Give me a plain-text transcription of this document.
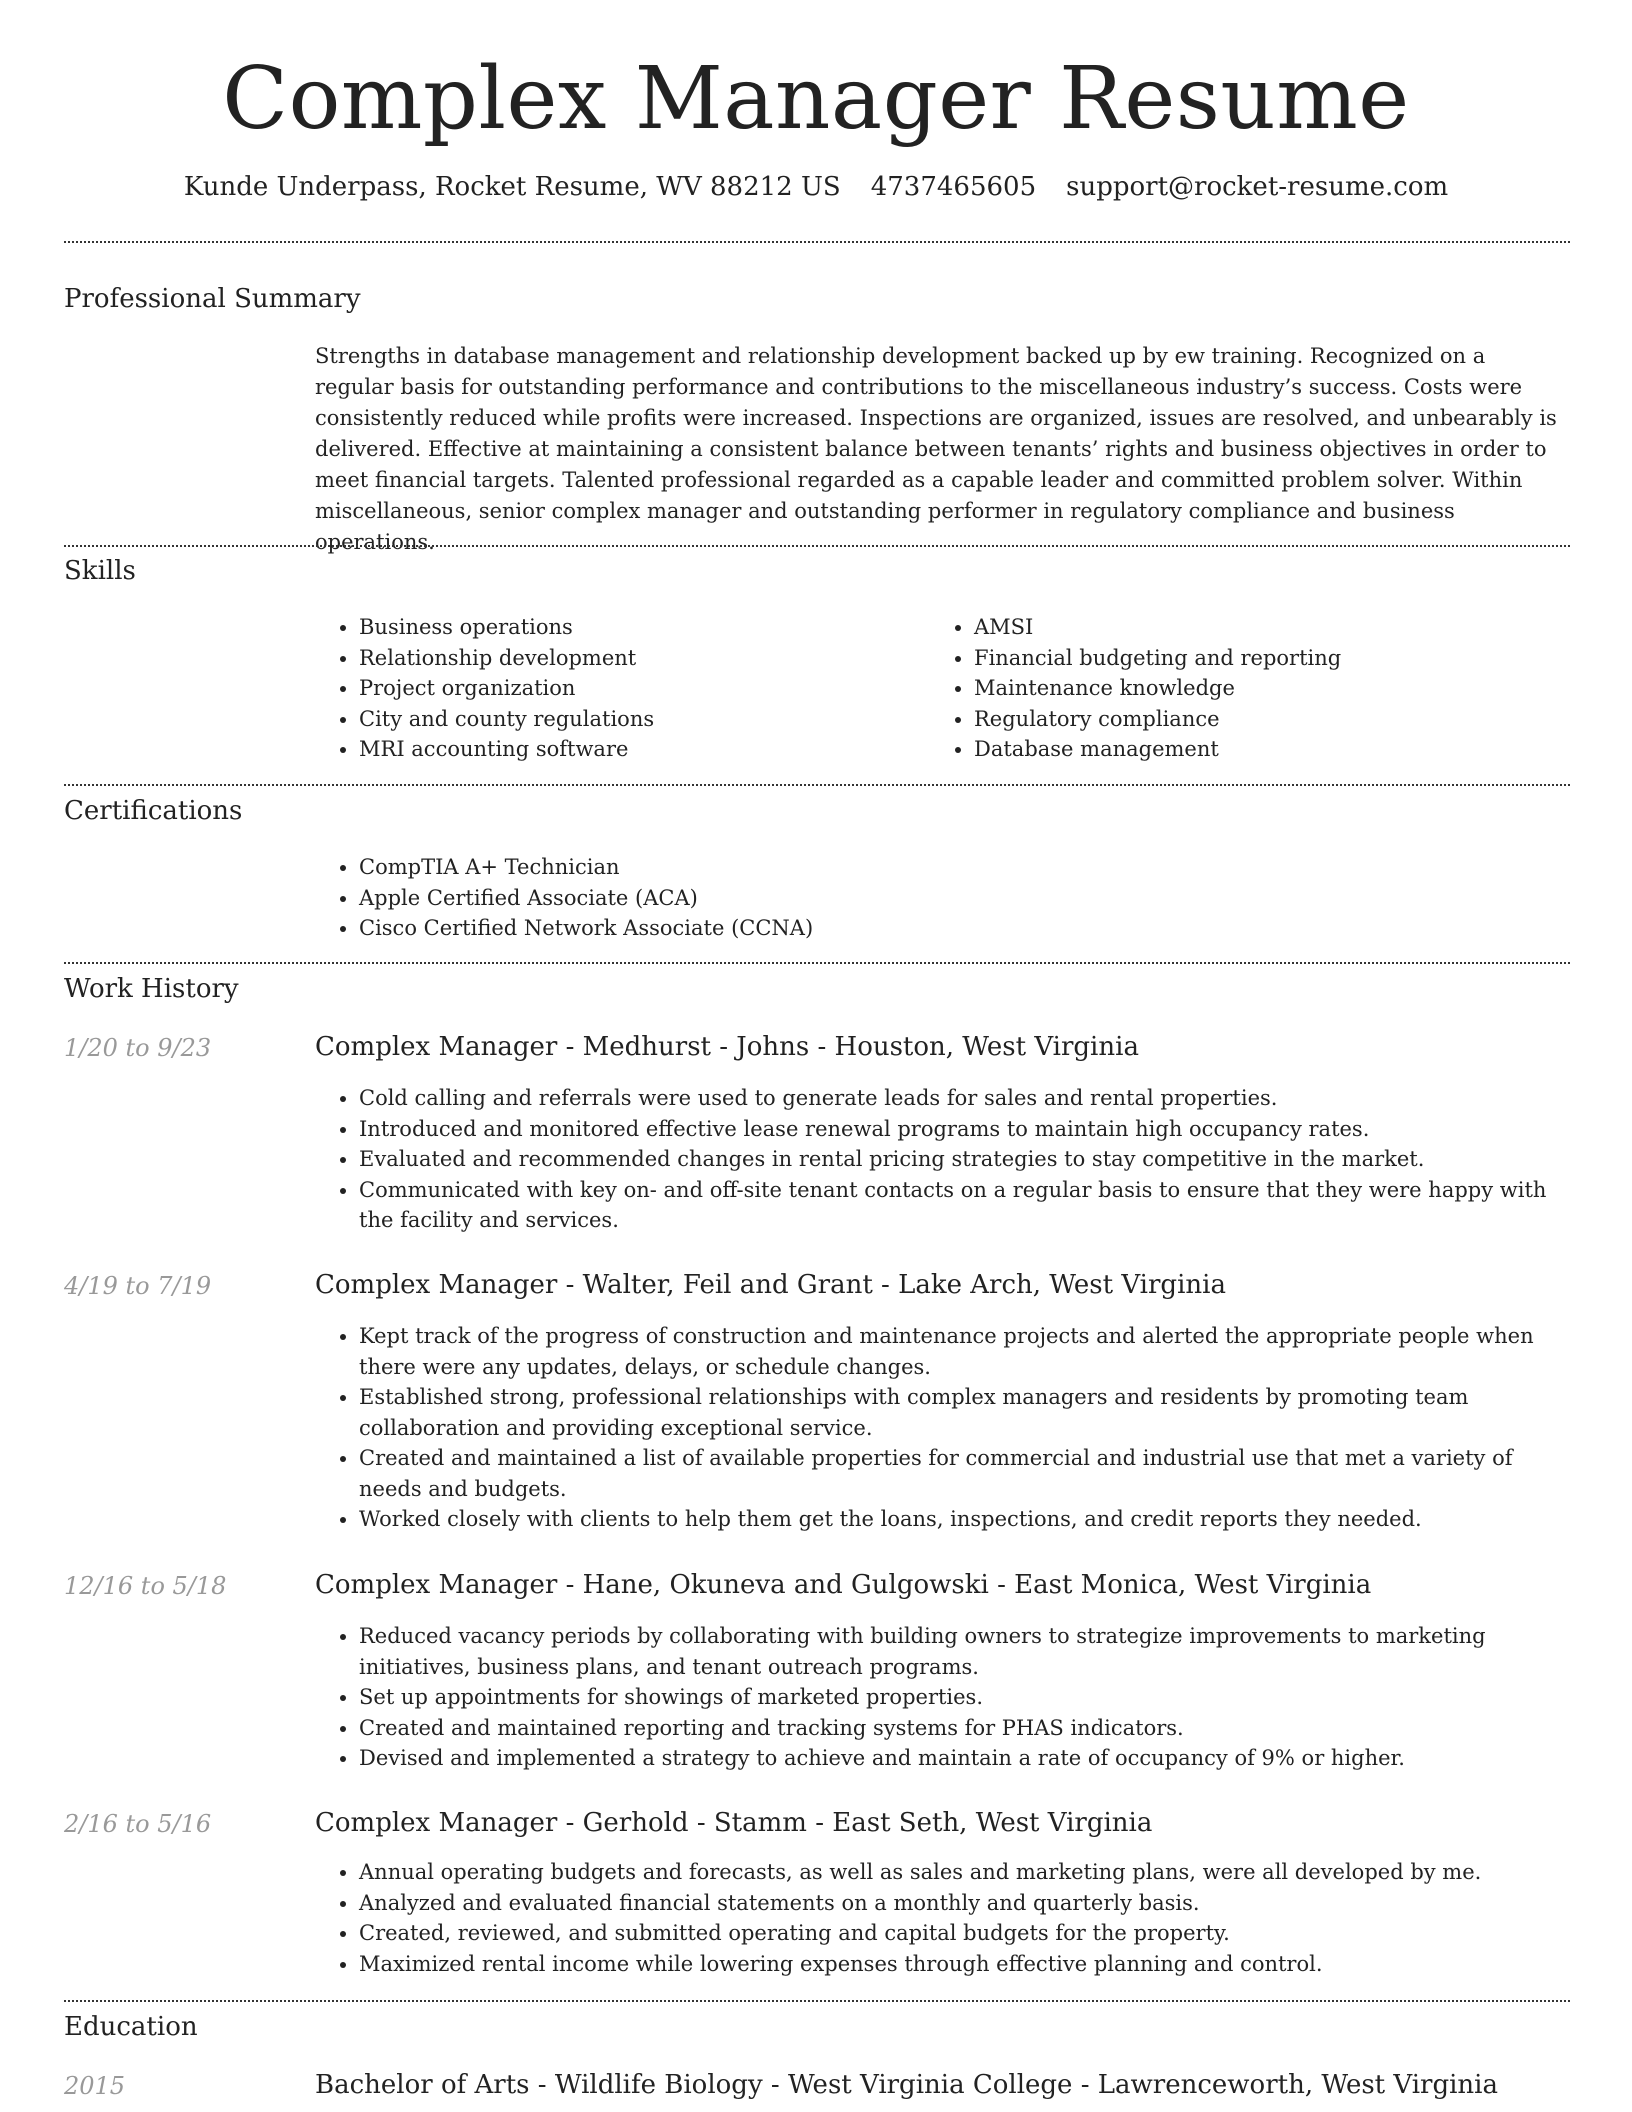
Complex Manager Resume
Kunde Underpass, Rocket Resume, WV 88212 US 4737465605 support@rocket-resume.com
Professional Summary

Strengths in database management and relationship development backed up by ew training. Recognized on a regular basis for outstanding performance and contributions to the miscellaneous industry’s success. Costs were consistently reduced while profits were increased. Inspections are organized, issues are resolved, and unbearably is delivered. Effective at maintaining a consistent balance between tenants’ rights and business objectives in order to meet financial targets. Talented professional regarded as a capable leader and committed problem solver. Within miscellaneous, senior complex manager and outstanding performer in regulatory compliance and business operations.

Skills
• Business operations
• Relationship development
• Project organization
• City and county regulations
• MRI accounting software
• AMSI
• Financial budgeting and reporting
• Maintenance knowledge
• Regulatory compliance
• Database management
Certifications
• CompTIA A+ Technician
• Apple Certified Associate (ACA)
• Cisco Certified Network Associate (CCNA)
Work History
1/20 to 9/23	Complex Manager - Medhurst - Johns - Houston, West Virginia
• Cold calling and referrals were used to generate leads for sales and rental properties.
• Introduced and monitored effective lease renewal programs to maintain high occupancy rates.
• Evaluated and recommended changes in rental pricing strategies to stay competitive in the market.
• Communicated with key on- and off-site tenant contacts on a regular basis to ensure that they were happy with the facility and services.
4/19 to 7/19	Complex Manager - Walter, Feil and Grant - Lake Arch, West Virginia
• Kept track of the progress of construction and maintenance projects and alerted the appropriate people when there were any updates, delays, or schedule changes.
• Established strong, professional relationships with complex managers and residents by promoting team collaboration and providing exceptional service.
• Created and maintained a list of available properties for commercial and industrial use that met a variety of needs and budgets.
• Worked closely with clients to help them get the loans, inspections, and credit reports they needed.
12/16 to 5/18	Complex Manager - Hane, Okuneva and Gulgowski - East Monica, West Virginia
• Reduced vacancy periods by collaborating with building owners to strategize improvements to marketing initiatives, business plans, and tenant outreach programs.
• Set up appointments for showings of marketed properties.
• Created and maintained reporting and tracking systems for PHAS indicators.
• Devised and implemented a strategy to achieve and maintain a rate of occupancy of 9% or higher.
2/16 to 5/16	Complex Manager - Gerhold - Stamm - East Seth, West Virginia
• Annual operating budgets and forecasts, as well as sales and marketing plans, were all developed by me.
• Analyzed and evaluated financial statements on a monthly and quarterly basis.
• Created, reviewed, and submitted operating and capital budgets for the property.
• Maximized rental income while lowering expenses through effective planning and control.
Education
2015	Bachelor of Arts - Wildlife Biology - West Virginia College - Lawrenceworth, West Virginia
